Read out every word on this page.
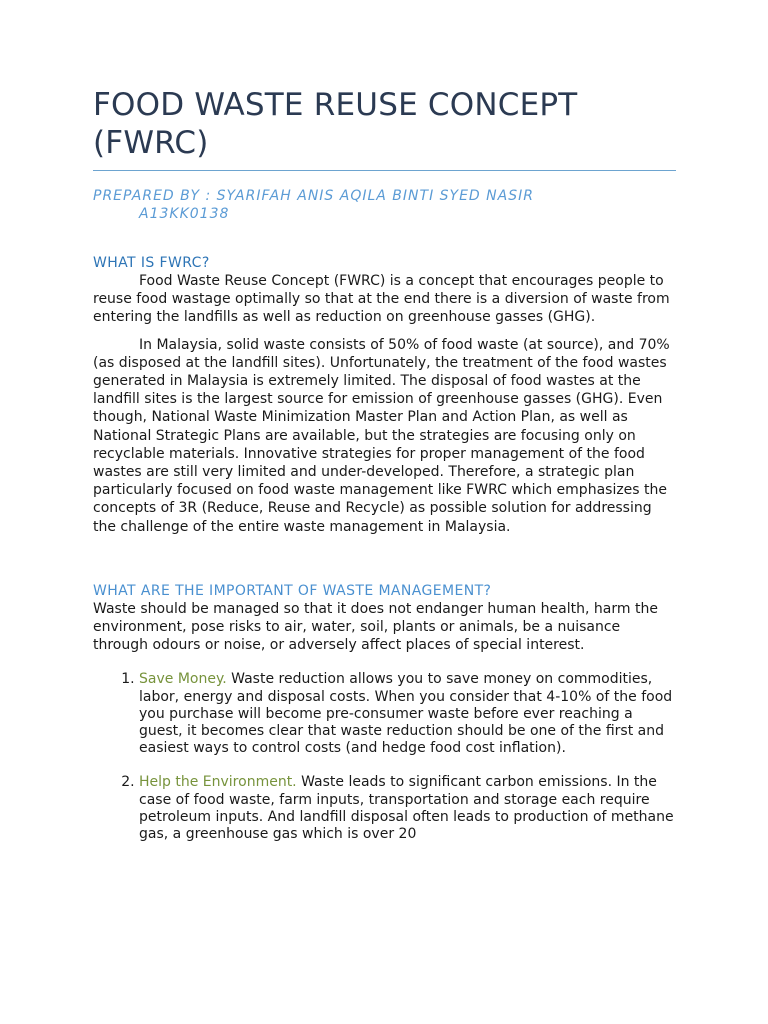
FOOD WASTE REUSE CONCEPT
(FWRC)
PREPARED BY : SYARIFAH ANIS AQILA BINTI SYED NASIR
A13KK0138
WHAT IS FWRC?

Food Waste Reuse Concept (FWRC) is a concept that encourages people to reuse food wastage optimally so that at the end there is a diversion of waste from entering the landfills as well as reduction on greenhouse gasses (GHG).

In Malaysia, solid waste consists of 50% of food waste (at source), and 70% (as disposed at the landfill sites). Unfortunately, the treatment of the food wastes generated in Malaysia is extremely limited. The disposal of food wastes at the landfill sites is the largest source for emission of greenhouse gasses (GHG). Even though, National Waste Minimization Master Plan and Action Plan, as well as National Strategic Plans are available, but the strategies are focusing only on recyclable materials. Innovative strategies for proper management of the food wastes are still very limited and under-developed. Therefore, a strategic plan particularly focused on food waste management like FWRC which emphasizes the concepts of 3R (Reduce, Reuse and Recycle) as possible solution for addressing the challenge of the entire waste management in Malaysia.

WHAT ARE THE IMPORTANT OF WASTE MANAGEMENT?

Waste should be managed so that it does not endanger human health, harm the environment, pose risks to air, water, soil, plants or animals, be a nuisance through odours or noise, or adversely affect places of special interest.

1. Save Money. Waste reduction allows you to save money on commodities, labor, energy and disposal costs. When you consider that 4-10% of the food you purchase will become pre-consumer waste before ever reaching a guest, it becomes clear that waste reduction should be one of the first and easiest ways to control costs (and hedge food cost inflation).
2. Help the Environment. Waste leads to significant carbon emissions. In the case of food waste, farm inputs, transportation and storage each require petroleum inputs. And landfill disposal often leads to production of methane gas, a greenhouse gas which is over 20
